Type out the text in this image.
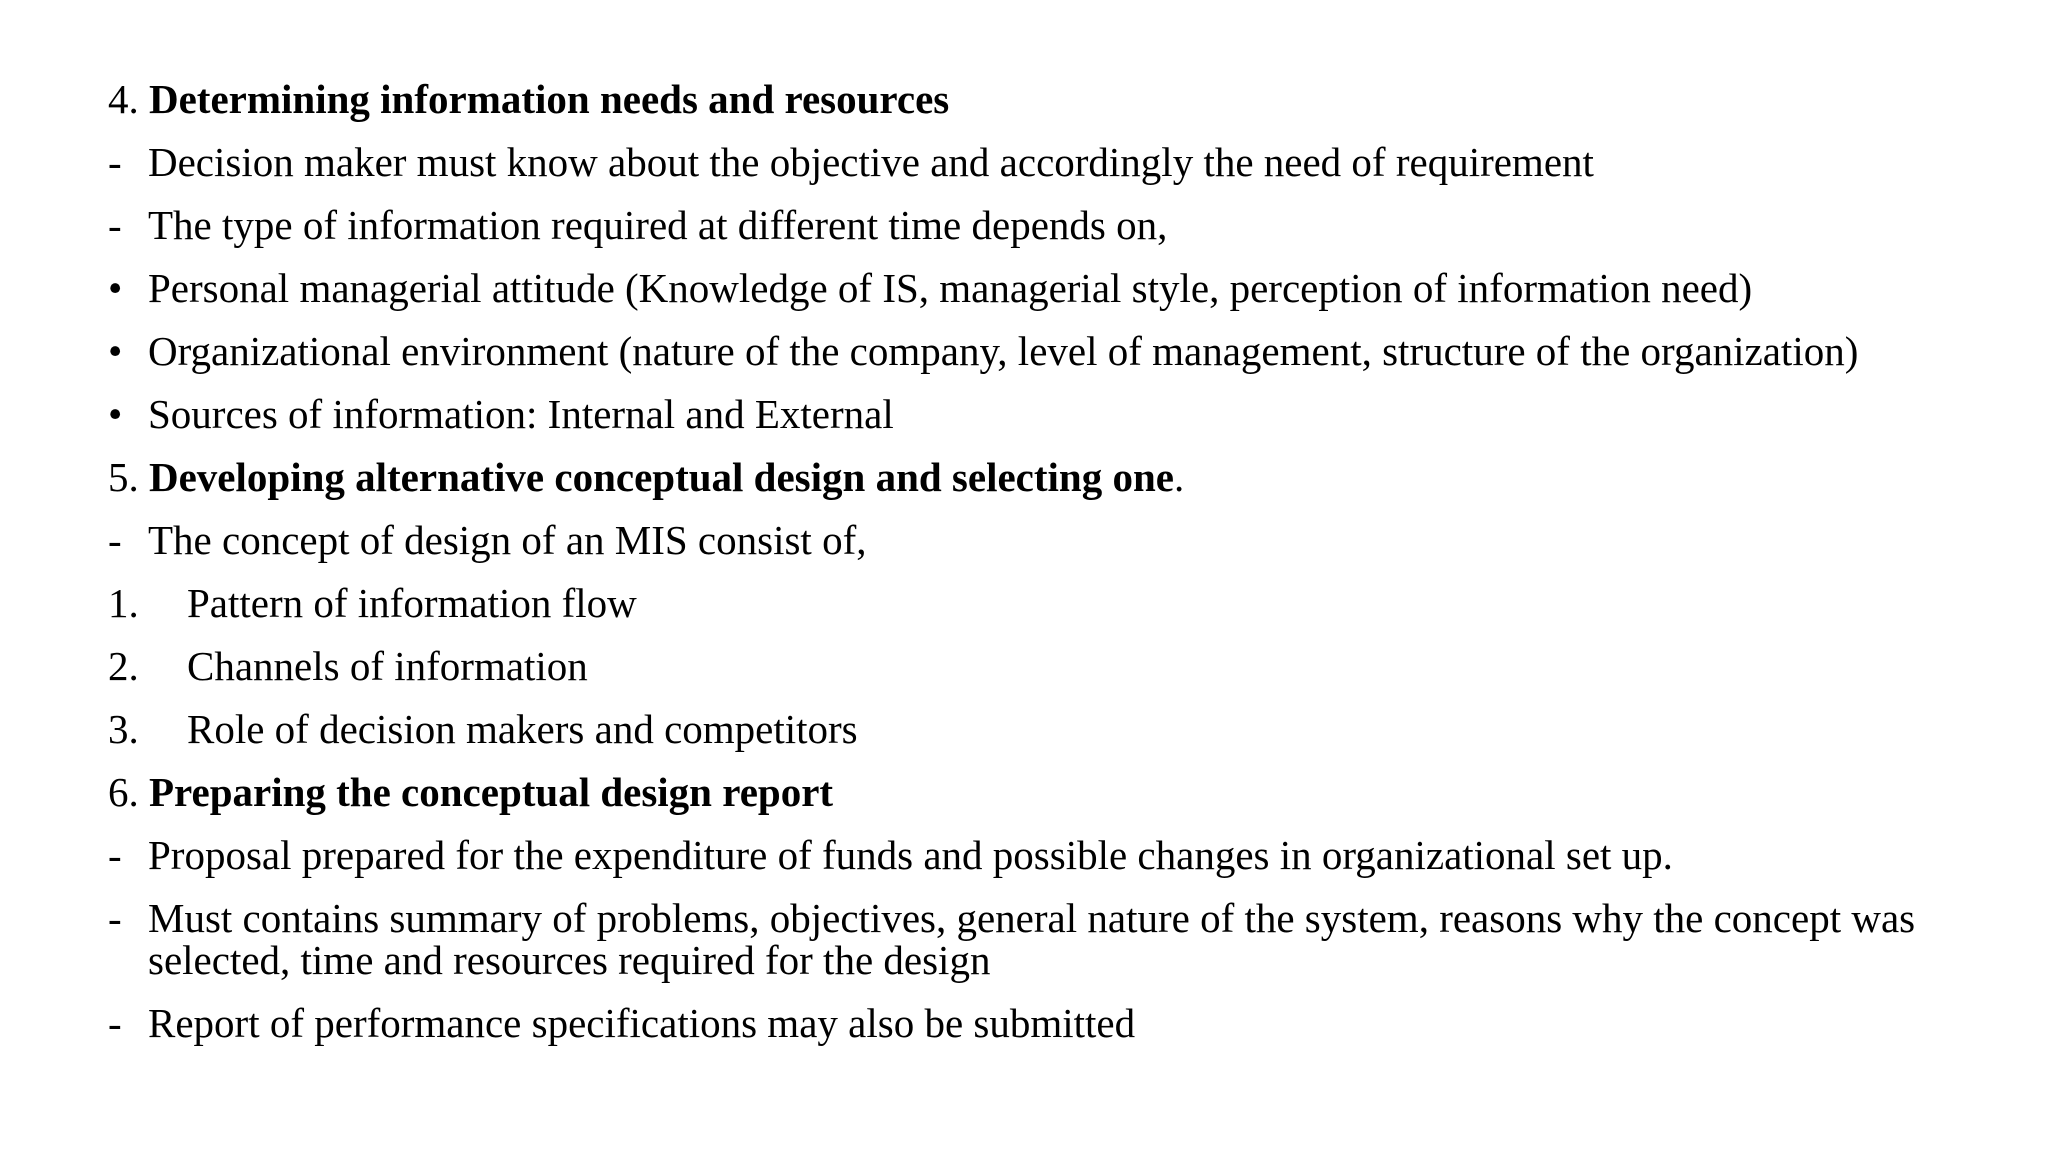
4. Determining information needs and resources
- Decision maker must know about the objective and accordingly the need of requirement
- The type of information required at different time depends on,
• Personal managerial attitude (Knowledge of IS, managerial style, perception of information need)
• Organizational environment (nature of the company, level of management, structure of the organization)
• Sources of information: Internal and External
5. Developing alternative conceptual design and selecting one.
- The concept of design of an MIS consist of,
1.	Pattern of information flow
2.	Channels of information
3.	Role of decision makers and competitors
6. Preparing the conceptual design report
- Proposal prepared for the expenditure of funds and possible changes in organizational set up.
- Must contains summary of problems, objectives, general nature of the system, reasons why the concept was selected, time and resources required for the design
- Report of performance specifications may also be submitted
